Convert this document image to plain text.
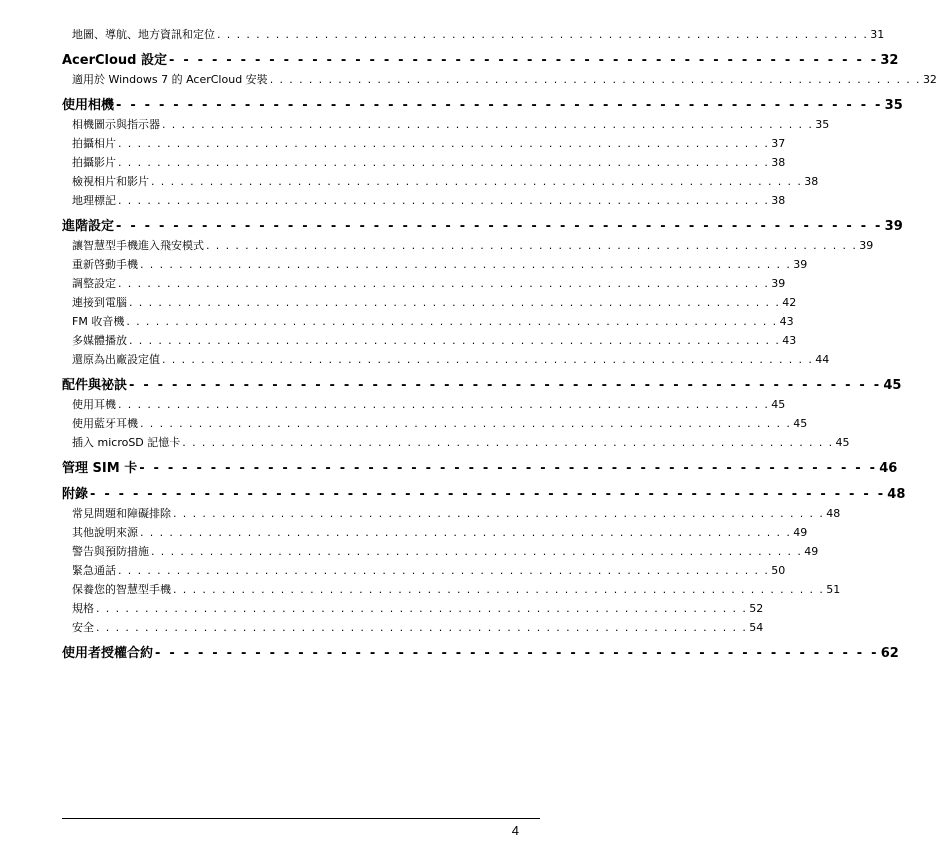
地圖、導航、地方資訊和定位 . . . . . . . . . . . . . . . . . . . . . . . . . . . . . . . . . . . . . . . . . . . . . . . . . . . . . . . . . . . . . . . . . . . 31
AcerCloud 設定 - - - - - - - - - - - - - - - - - - - - - - - - - - - - - - - - - - - - - - - - - - - - - - - - - - 32
適用於 Windows 7 的 AcerCloud 安裝 . . . . . . . . . . . . . . . . . . . . . . . . . . . . . . . . . . . . . . . . . . . . . . . . . . . . . . . . . . . . . . . . . . . 32
使用相機 - - - - - - - - - - - - - - - - - - - - - - - - - - - - - - - - - - - - - - - - - - - - - - - - - - - - - - 35
相機圖示與指示器 . . . . . . . . . . . . . . . . . . . . . . . . . . . . . . . . . . . . . . . . . . . . . . . . . . . . . . . . . . . . . . . . . . . 35
拍攝相片 . . . . . . . . . . . . . . . . . . . . . . . . . . . . . . . . . . . . . . . . . . . . . . . . . . . . . . . . . . . . . . . . . . . 37
拍攝影片 . . . . . . . . . . . . . . . . . . . . . . . . . . . . . . . . . . . . . . . . . . . . . . . . . . . . . . . . . . . . . . . . . . . 38
檢視相片和影片 . . . . . . . . . . . . . . . . . . . . . . . . . . . . . . . . . . . . . . . . . . . . . . . . . . . . . . . . . . . . . . . . . . . 38
地理標記 . . . . . . . . . . . . . . . . . . . . . . . . . . . . . . . . . . . . . . . . . . . . . . . . . . . . . . . . . . . . . . . . . . . 38
進階設定 - - - - - - - - - - - - - - - - - - - - - - - - - - - - - - - - - - - - - - - - - - - - - - - - - - - - - - 39
讓智慧型手機進入飛安模式 . . . . . . . . . . . . . . . . . . . . . . . . . . . . . . . . . . . . . . . . . . . . . . . . . . . . . . . . . . . . . . . . . . . 39
重新啓動手機 . . . . . . . . . . . . . . . . . . . . . . . . . . . . . . . . . . . . . . . . . . . . . . . . . . . . . . . . . . . . . . . . . . . 39
調整設定 . . . . . . . . . . . . . . . . . . . . . . . . . . . . . . . . . . . . . . . . . . . . . . . . . . . . . . . . . . . . . . . . . . . 39
連接到電腦 . . . . . . . . . . . . . . . . . . . . . . . . . . . . . . . . . . . . . . . . . . . . . . . . . . . . . . . . . . . . . . . . . . . 42
FM 收音機 . . . . . . . . . . . . . . . . . . . . . . . . . . . . . . . . . . . . . . . . . . . . . . . . . . . . . . . . . . . . . . . . . . . 43
多媒體播放 . . . . . . . . . . . . . . . . . . . . . . . . . . . . . . . . . . . . . . . . . . . . . . . . . . . . . . . . . . . . . . . . . . . 43
還原為出廠設定值 . . . . . . . . . . . . . . . . . . . . . . . . . . . . . . . . . . . . . . . . . . . . . . . . . . . . . . . . . . . . . . . . . . . 44
配件與祕訣 - - - - - - - - - - - - - - - - - - - - - - - - - - - - - - - - - - - - - - - - - - - - - - - - - - - - - 45
使用耳機 . . . . . . . . . . . . . . . . . . . . . . . . . . . . . . . . . . . . . . . . . . . . . . . . . . . . . . . . . . . . . . . . . . . 45
使用藍牙耳機 . . . . . . . . . . . . . . . . . . . . . . . . . . . . . . . . . . . . . . . . . . . . . . . . . . . . . . . . . . . . . . . . . . . 45
插入 microSD 記憶卡 . . . . . . . . . . . . . . . . . . . . . . . . . . . . . . . . . . . . . . . . . . . . . . . . . . . . . . . . . . . . . . . . . . . 45
管理 SIM 卡 - - - - - - - - - - - - - - - - - - - - - - - - - - - - - - - - - - - - - - - - - - - - - - - - - - - - 46
附錄 - - - - - - - - - - - - - - - - - - - - - - - - - - - - - - - - - - - - - - - - - - - - - - - - - - - - - - - - 48
常見問題和障礙排除 . . . . . . . . . . . . . . . . . . . . . . . . . . . . . . . . . . . . . . . . . . . . . . . . . . . . . . . . . . . . . . . . . . . 48
其他說明來源 . . . . . . . . . . . . . . . . . . . . . . . . . . . . . . . . . . . . . . . . . . . . . . . . . . . . . . . . . . . . . . . . . . . 49
警告與預防措施 . . . . . . . . . . . . . . . . . . . . . . . . . . . . . . . . . . . . . . . . . . . . . . . . . . . . . . . . . . . . . . . . . . . 49
緊急通話 . . . . . . . . . . . . . . . . . . . . . . . . . . . . . . . . . . . . . . . . . . . . . . . . . . . . . . . . . . . . . . . . . . . 50
保養您的智慧型手機 . . . . . . . . . . . . . . . . . . . . . . . . . . . . . . . . . . . . . . . . . . . . . . . . . . . . . . . . . . . . . . . . . . . 51
規格 . . . . . . . . . . . . . . . . . . . . . . . . . . . . . . . . . . . . . . . . . . . . . . . . . . . . . . . . . . . . . . . . . . . 52
安全 . . . . . . . . . . . . . . . . . . . . . . . . . . . . . . . . . . . . . . . . . . . . . . . . . . . . . . . . . . . . . . . . . . . 54
使用者授權合約 - - - - - - - - - - - - - - - - - - - - - - - - - - - - - - - - - - - - - - - - - - - - - - - - - - - 62
4
